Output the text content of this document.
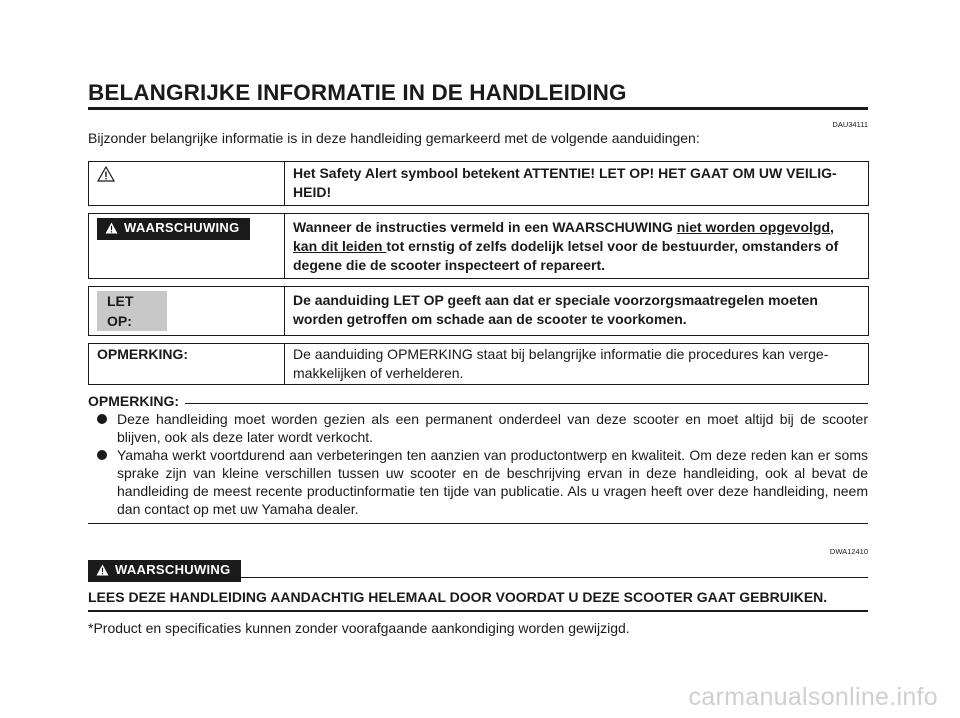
BELANGRIJKE INFORMATIE IN DE HANDLEIDING
DAU34111
Bijzonder belangrijke informatie is in deze handleiding gemarkeerd met de volgende aanduidingen:
	Het Safety Alert symbool betekent ATTENTIE! LET OP! HET GAAT OM UW VEILIG-HEID!

WAARSCHUWING	Wanneer de instructies vermeld in een WAARSCHUWING niet worden opgevolgd, kan dit leiden tot ernstig of zelfs dodelijk letsel voor de bestuurder, omstanders of degene die de scooter inspecteert of repareert.

LET OP:	De aanduiding LET OP geeft aan dat er speciale voorzorgsmaatregelen moeten worden getroffen om schade aan de scooter te voorkomen.

OPMERKING:	De aanduiding OPMERKING staat bij belangrijke informatie die procedures kan verge-makkelijken of verhelderen.
OPMERKING:
Deze handleiding moet worden gezien als een permanent onderdeel van deze scooter en moet altijd bij de scooter blijven, ook als deze later wordt verkocht.
Yamaha werkt voortdurend aan verbeteringen ten aanzien van productontwerp en kwaliteit. Om deze reden kan er soms sprake zijn van kleine verschillen tussen uw scooter en de beschrijving ervan in deze handleiding, ook al bevat de handleiding de meest recente productinformatie ten tijde van publicatie. Als u vragen heeft over deze handleiding, neem dan contact op met uw Yamaha dealer.
DWA12410
WAARSCHUWING
LEES DEZE HANDLEIDING AANDACHTIG HELEMAAL DOOR VOORDAT U DEZE SCOOTER GAAT GEBRUIKEN.
*Product en specificaties kunnen zonder voorafgaande aankondiging worden gewijzigd.
carmanualsonline.info
